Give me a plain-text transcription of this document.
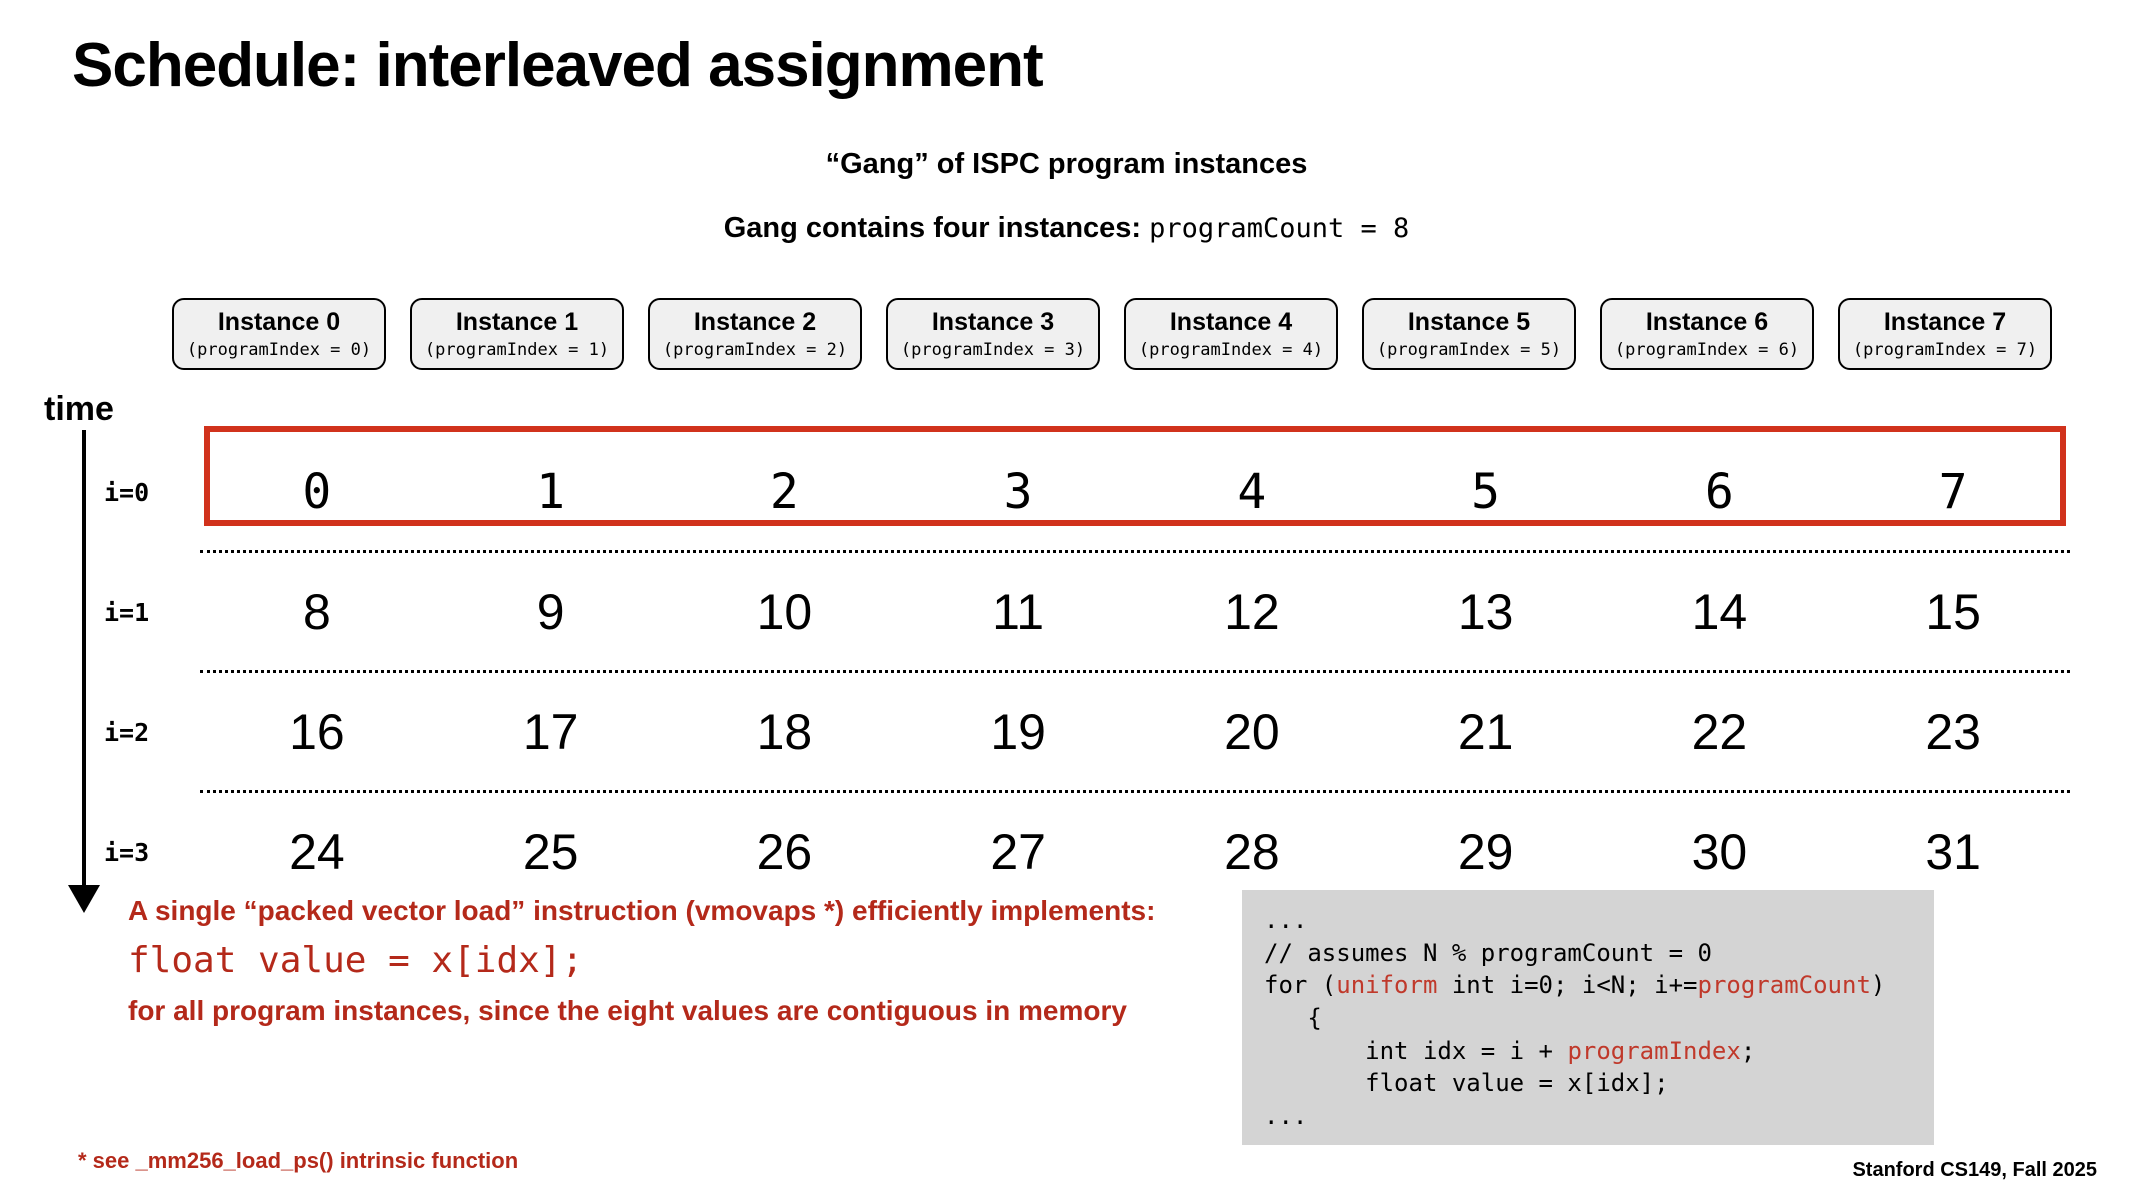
Schedule: interleaved assignment
“Gang” of ISPC program instances
Gang contains four instances: programCount = 8
Instance 0
(programIndex = 0)
Instance 1
(programIndex = 1)
Instance 2
(programIndex = 2)
Instance 3
(programIndex = 3)
Instance 4
(programIndex = 4)
Instance 5
(programIndex = 5)
Instance 6
(programIndex = 6)
Instance 7
(programIndex = 7)
time
i=0	0	1	2	3	4	5	6	7
i=1	8	9	10	11	12	13	14	15
i=2	16	17	18	19	20	21	22	23
i=3	24	25	26	27	28	29	30	31
A single “packed vector load” instruction (vmovaps *) efficiently implements:
float value = x[idx];
for all program instances, since the eight values are contiguous in memory
* see _mm256_load_ps() intrinsic function
...
// assumes N % programCount = 0
for (uniform int i=0; i<N; i+=programCount)
{
int idx = i + programIndex;
float value = x[idx];
...
Stanford CS149, Fall 2025
